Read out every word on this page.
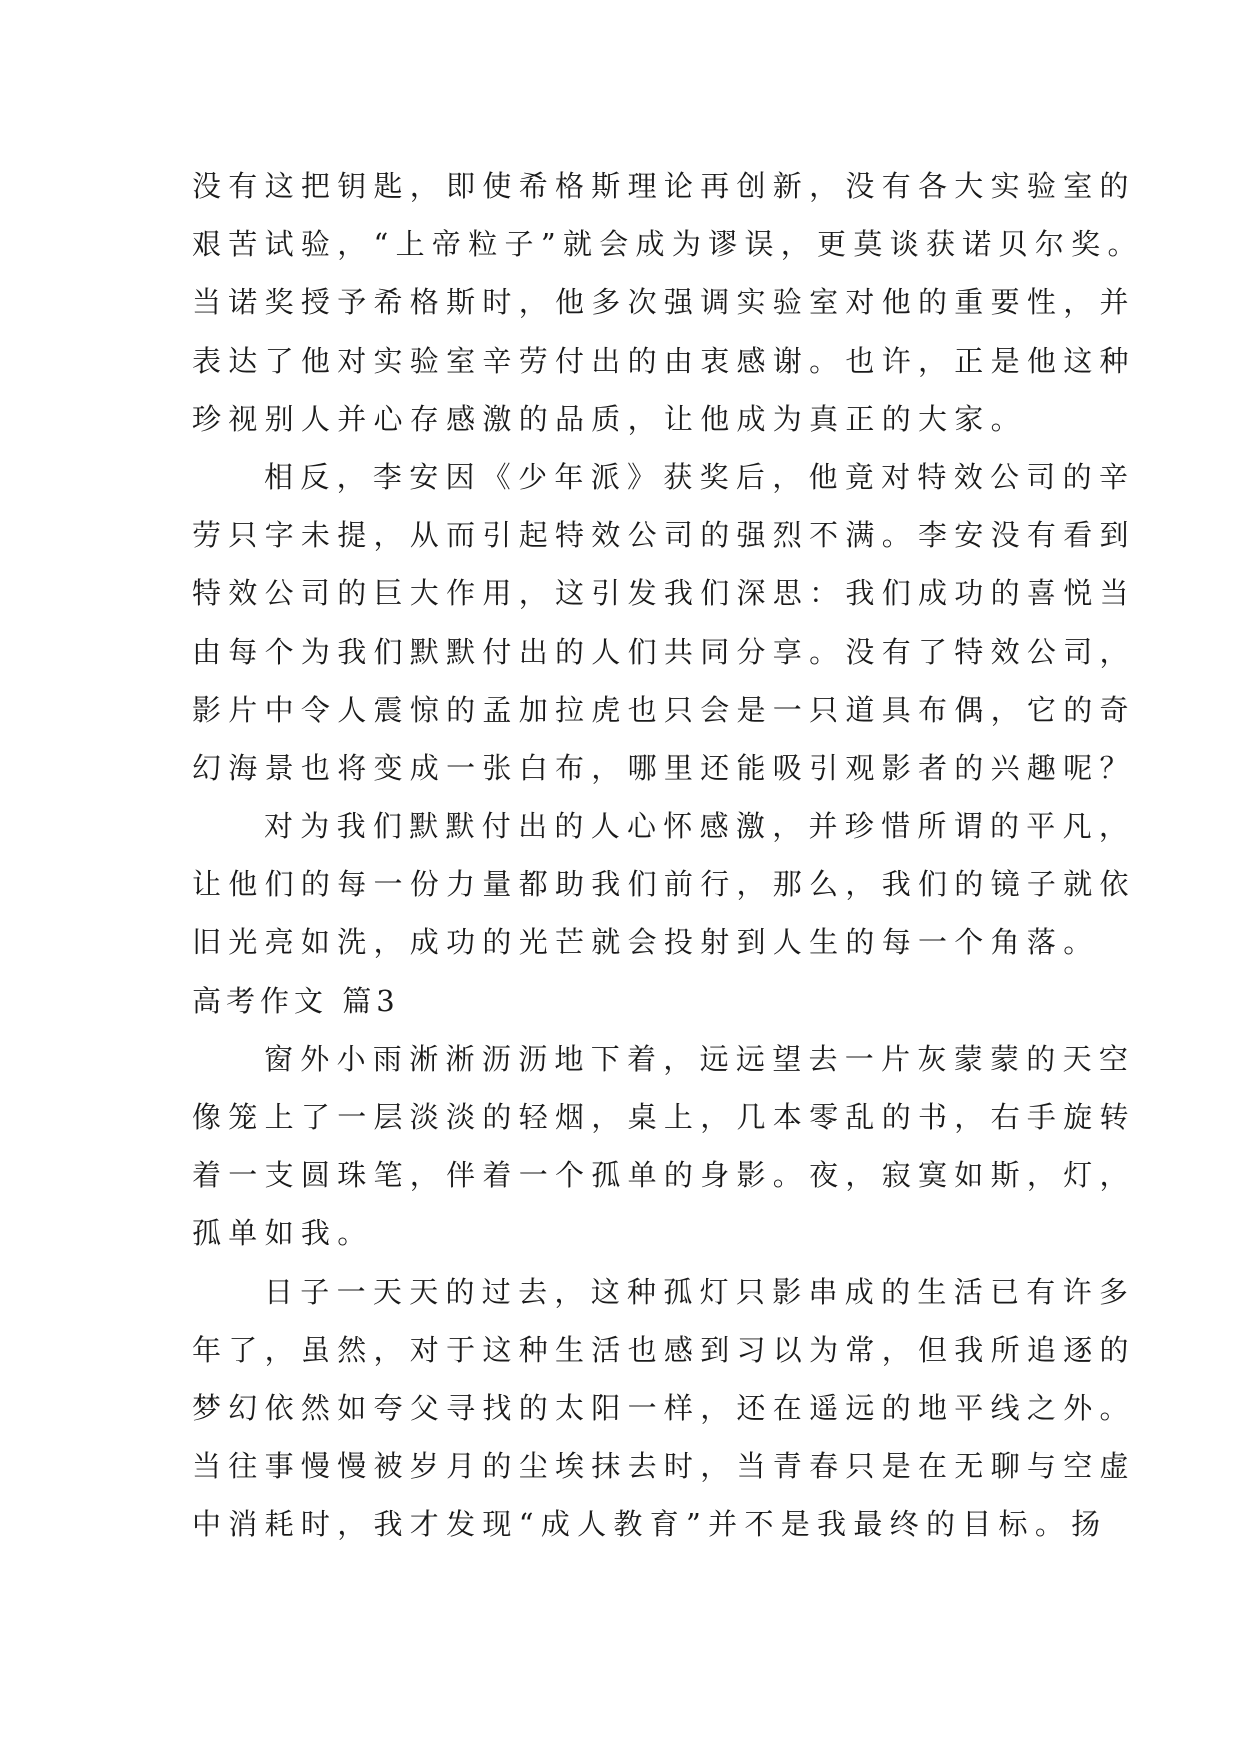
没有这把钥匙，即使希格斯理论再创新，没有各大实验室的
艰苦试验，“上帝粒子”就会成为谬误，更莫谈获诺贝尔奖。
当诺奖授予希格斯时，他多次强调实验室对他的重要性，并
表达了他对实验室辛劳付出的由衷感谢。也许，正是他这种
珍视别人并心存感激的品质，让他成为真正的大家。
相反，李安因《少年派》获奖后，他竟对特效公司的辛
劳只字未提，从而引起特效公司的强烈不满。李安没有看到
特效公司的巨大作用，这引发我们深思：我们成功的喜悦当
由每个为我们默默付出的人们共同分享。没有了特效公司，
影片中令人震惊的孟加拉虎也只会是一只道具布偶，它的奇
幻海景也将变成一张白布，哪里还能吸引观影者的兴趣呢？
对为我们默默付出的人心怀感激，并珍惜所谓的平凡，
让他们的每一份力量都助我们前行，那么，我们的镜子就依
旧光亮如洗，成功的光芒就会投射到人生的每一个角落。
高考作文 篇3
窗外小雨淅淅沥沥地下着，远远望去一片灰蒙蒙的天空
像笼上了一层淡淡的轻烟，桌上，几本零乱的书，右手旋转
着一支圆珠笔，伴着一个孤单的身影。夜，寂寞如斯，灯，
孤单如我。
日子一天天的过去，这种孤灯只影串成的生活已有许多
年了，虽然，对于这种生活也感到习以为常，但我所追逐的
梦幻依然如夸父寻找的太阳一样，还在遥远的地平线之外。
当往事慢慢被岁月的尘埃抹去时，当青春只是在无聊与空虚
中消耗时，我才发现“成人教育”并不是我最终的目标。扬
